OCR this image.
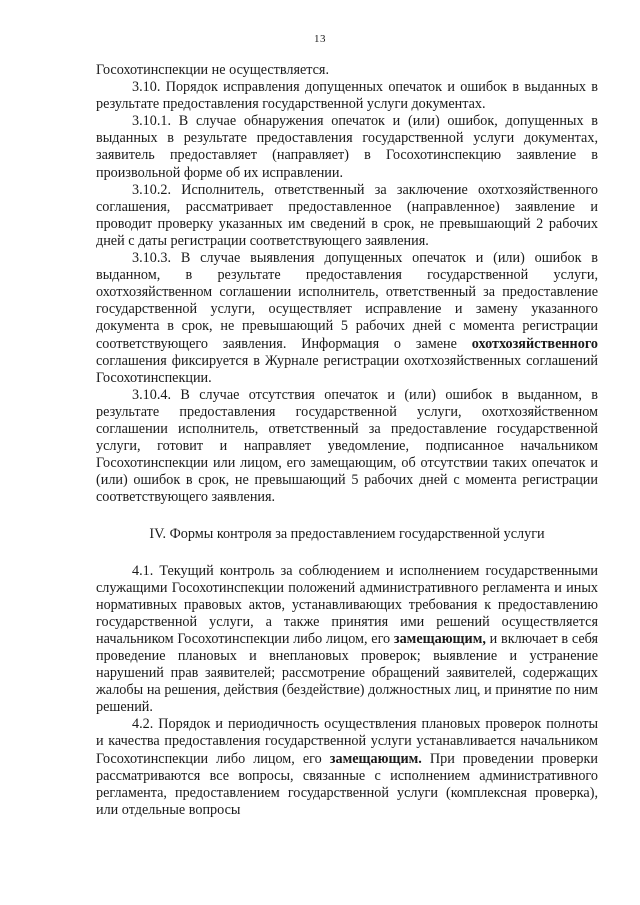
13

Госохотинспекции не осуществляется.

3.10. Порядок исправления допущенных опечаток и ошибок в выданных в результате предоставления государственной услуги документах.

3.10.1. В случае обнаружения опечаток и (или) ошибок, допущенных в выданных в результате предоставления государственной услуги документах, заявитель предоставляет (направляет) в Госохотинспекцию заявление в произвольной форме об их исправлении.

3.10.2. Исполнитель, ответственный за заключение охотхозяйственного соглашения, рассматривает предоставленное (направленное) заявление и проводит проверку указанных им сведений в срок, не превышающий 2 рабочих дней с даты регистрации соответствующего заявления.

3.10.3. В случае выявления допущенных опечаток и (или) ошибок в выданном, в результате предоставления государственной услуги, охотхозяйственном соглашении исполнитель, ответственный за предоставление государственной услуги, осуществляет исправление и замену указанного документа в срок, не превышающий 5 рабочих дней с момента регистрации соответствующего заявления. Информация о замене охотхозяйственного соглашения фиксируется в Журнале регистрации охотхозяйственных соглашений Госохотинспекции.

3.10.4. В случае отсутствия опечаток и (или) ошибок в выданном, в результате предоставления государственной услуги, охотхозяйственном соглашении исполнитель, ответственный за предоставление государственной услуги, готовит и направляет уведомление, подписанное начальником Госохотинспекции или лицом, его замещающим, об отсутствии таких опечаток и (или) ошибок в срок, не превышающий 5 рабочих дней с момента регистрации соответствующего заявления.

IV. Формы контроля за предоставлением государственной услуги

4.1. Текущий контроль за соблюдением и исполнением государственными служащими Госохотинспекции положений административного регламента и иных нормативных правовых актов, устанавливающих требования к предоставлению государственной услуги, а также принятия ими решений осуществляется начальником Госохотинспекции либо лицом, его замещающим, и включает в себя проведение плановых и внеплановых проверок; выявление и устранение нарушений прав заявителей; рассмотрение обращений заявителей, содержащих жалобы на решения, действия (бездействие) должностных лиц, и принятие по ним решений.

4.2. Порядок и периодичность осуществления плановых проверок полноты и качества предоставления государственной услуги устанавливается начальником Госохотинспекции либо лицом, его замещающим. При проведении проверки рассматриваются все вопросы, связанные с исполнением административного регламента, предоставлением государственной услуги (комплексная проверка), или отдельные вопросы
